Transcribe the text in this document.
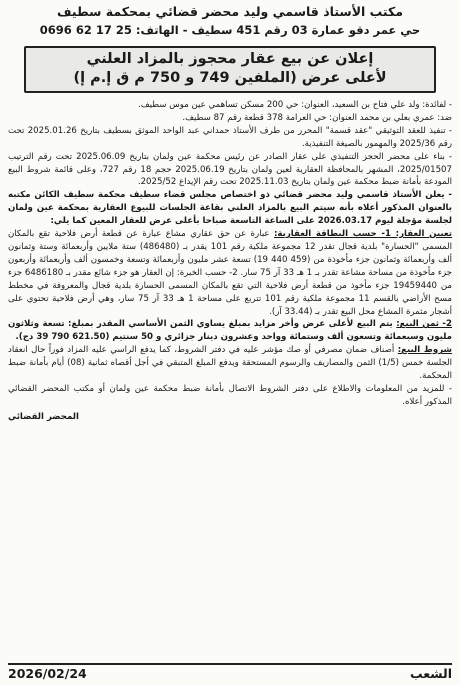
مكتب الأستاذ قاسمي وليد محضر قضائي بمحكمة سطيف
حي عمر دقو عمارة 03 رقم 451 سطيف - الهاتف: 25 17 62 0696
إعلان عن بيع عقار محجوز بالمزاد العلني
لأعلى عرض (الملفين 749 و 750 م ق إ.م إ)

- لفائدة: ولد علي فتاح بن السعيد، العنوان: حي 200 مسكن تساهمي عين موس سطيف.

ضد: عمري بعلي بن محمد العنوان: حي العرامة 378 قطعة رقم 87 سطيف.

- تنفيذ للعقد التوثيقي "عقد قسمة" المحرر من طرف الأستاذ حمداني عبد الواحد الموثق بسطيف بتاريخ 2025.01.26 تحت رقم 2025/36 والمهمور بالصيغة التنفيذية.

- بناء على محضر الحجز التنفيذي على عقار الصادر عن رئيس محكمة عين ولمان بتاريخ 2025.06.09 تحت رقم الترتيب 2025/01507، المشهر بالمحافظة العقارية لعين ولمان بتاريخ 2025.06.19 حجم 18 رقم 727، وعلى قائمة شروط البيع المودعة بأمانة ضبط محكمة عين ولمان بتاريخ 2025.11.03 تحت رقم الإيداع 2025/52.

- يعلن الأستاذ قاسمي وليد محضر قضائي ذو اختصاص مجلس قضاء سطيف محكمة سطيف الكائن مكتبه بالعنوان المذكور أعلاه بأنه سيتم البيع بالمزاد العلني بقاعة الجلسات للبيوع العقارية بمحكمة عين ولمان لجلسة مؤجلة ليوم 2026.03.17 على الساعة التاسعة صباحا بأعلى عرض للعقار المعين كما يلي:

تعيين العقار: 1- حسب البطاقة العقارية: عبارة عن حق عقاري مشاع عبارة عن قطعة أرض فلاحية تقع بالمكان المسمى "الحسارة" بلدية قجال تقدر 12 مجموعة ملكية رقم 101 يقدر بـ (486480) ستة ملايين وأربعمائة وستة وثمانون ألف وأربعمائة وثمانون جزء مأخوذة من (459 440 19) تسعة عشر مليون وأربعمائة وتسعة وخمسون ألف وأربعمائة وأربعون جزء مأخوذة من مساحة مشاعة تقدر بـ 1 هـ 33 آر 75 سار. 2- حسب الخبرة: إن العقار هو جزء شائع مقدر بـ 6486180 جزء من 19459440 جزء مأخوذ من قطعة أرض فلاحية التي تقع بالمكان المسمى الحسارة بلدية قجال والمعروفة في مخطط مسح الأراضي بالقسم 11 مجموعة ملكية رقم 101 تتربع على مساحة 1 هـ 33 آر 75 سار، وهي أرض فلاحية تحتوي على أشجار مثمرة المشاع محل البيع تقدر بـ (33.44 آر).

2- ثمن البيع: يتم البيع لأعلى عرض وأخر مزايد بمبلغ يساوي الثمن الأساسي المقدر بمبلغ: تسعة وثلاثون مليون وسبعمائة وتسعون ألف وستمائة وواحد وعشرون دينار جزائري و 50 سنتيم (621.50 790 39 دج).

شروط البيع: أصناف ضمان مصرفي أو صك مؤشر عليه في دفتر الشروط، كما يدفع الراسي عليه المزاد فوراً حال انعقاد الجلسة خمس (1/5) الثمن والمصاريف والرسوم المستحقة ويدفع المبلغ المتبقي في أجل أقصاه ثمانية (08) أيام بأمانة ضبط المحكمة.

- للمزيد من المعلومات والاطلاع على دفتر الشروط الاتصال بأمانة ضبط محكمة عين ولمان أو مكتب المحضر القضائي المذكور أعلاه.

المحضر القضائي
الشعب
2026/02/24
